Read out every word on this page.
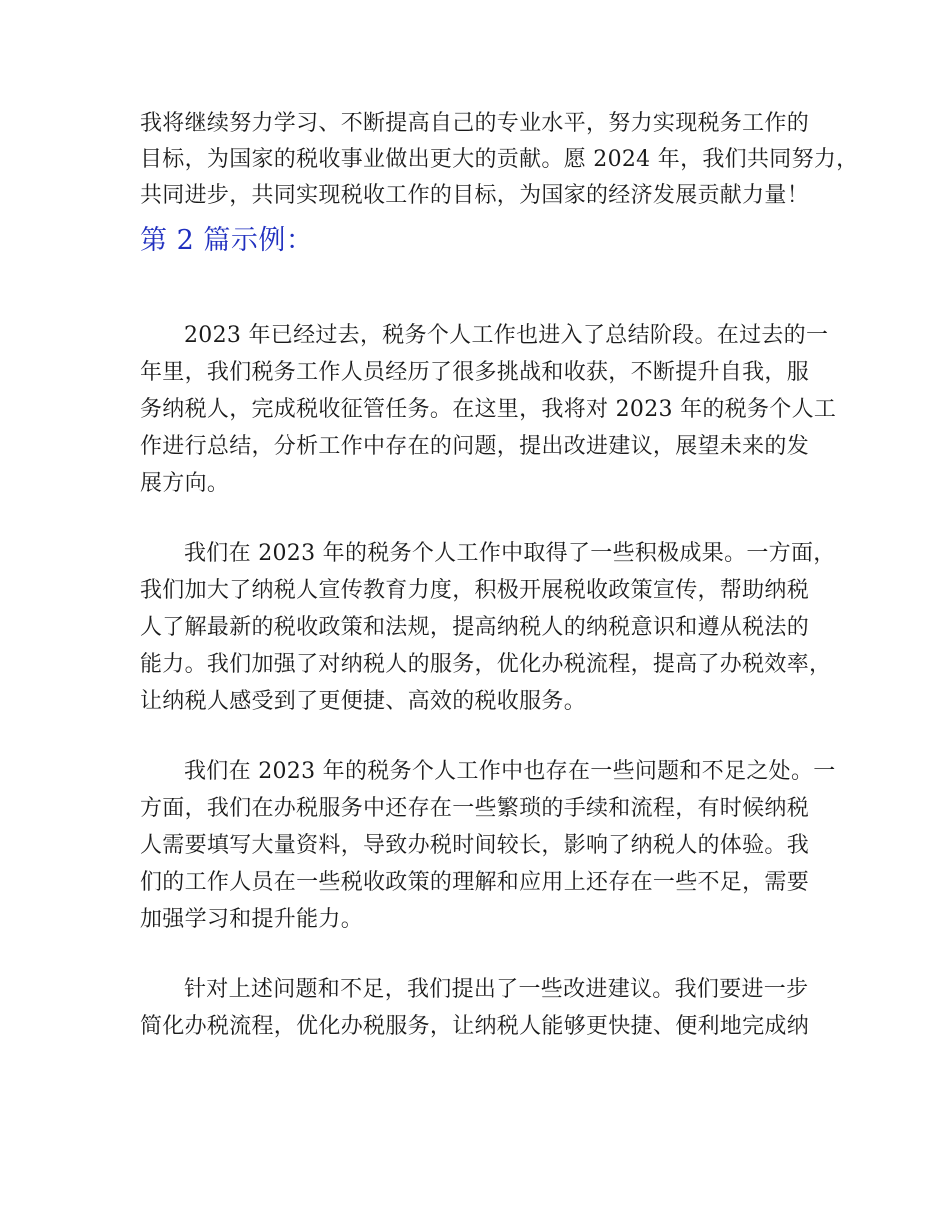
我将继续努力学习、不断提高自己的专业水平，努力实现税务工作的
目标，为国家的税收事业做出更大的贡献。愿 2024 年，我们共同努力，
共同进步，共同实现税收工作的目标，为国家的经济发展贡献力量！
第 2 篇示例：
2023 年已经过去，税务个人工作也进入了总结阶段。在过去的一
年里，我们税务工作人员经历了很多挑战和收获，不断提升自我，服
务纳税人，完成税收征管任务。在这里，我将对 2023 年的税务个人工
作进行总结，分析工作中存在的问题，提出改进建议，展望未来的发
展方向。
我们在 2023 年的税务个人工作中取得了一些积极成果。一方面，
我们加大了纳税人宣传教育力度，积极开展税收政策宣传，帮助纳税
人了解最新的税收政策和法规，提高纳税人的纳税意识和遵从税法的
能力。我们加强了对纳税人的服务，优化办税流程，提高了办税效率，
让纳税人感受到了更便捷、高效的税收服务。
我们在 2023 年的税务个人工作中也存在一些问题和不足之处。一
方面，我们在办税服务中还存在一些繁琐的手续和流程，有时候纳税
人需要填写大量资料，导致办税时间较长，影响了纳税人的体验。我
们的工作人员在一些税收政策的理解和应用上还存在一些不足，需要
加强学习和提升能力。
针对上述问题和不足，我们提出了一些改进建议。我们要进一步
简化办税流程，优化办税服务，让纳税人能够更快捷、便利地完成纳
